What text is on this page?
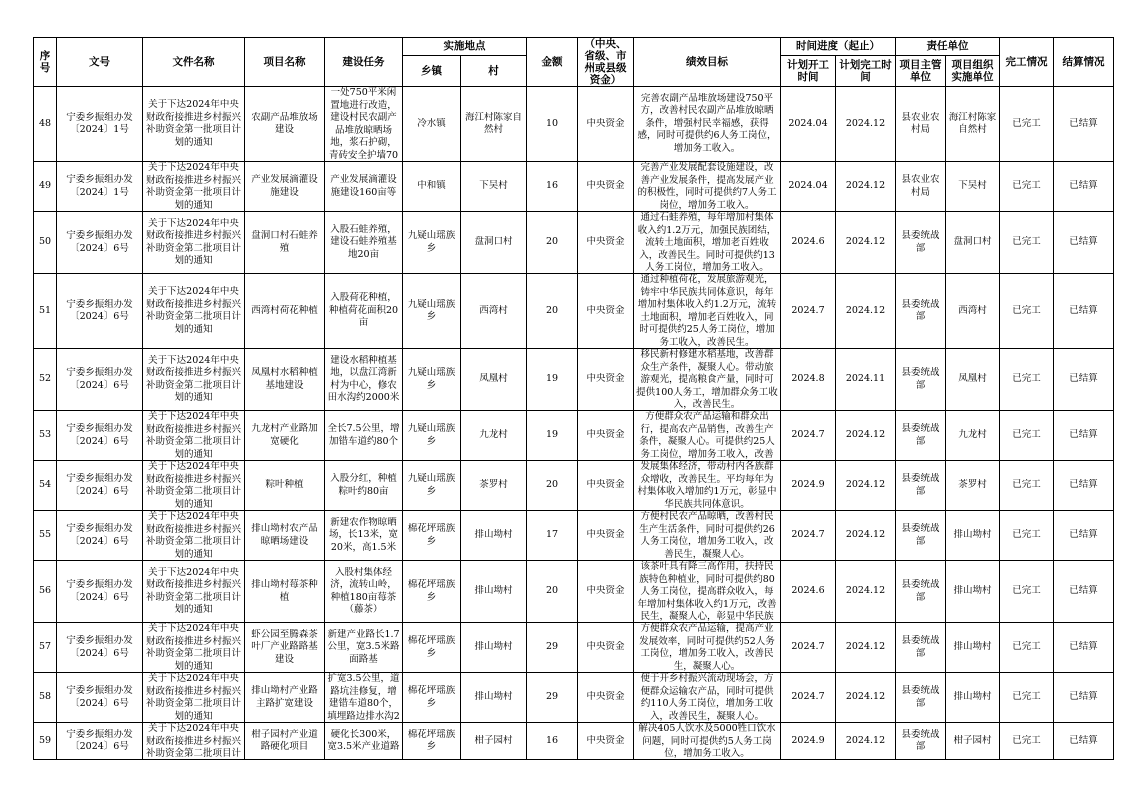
序号	文号	文件名称	项目名称	建设任务	实施地点		金额	（中央、省级、市州或县级资金）	绩效目标	时间进度（起止）		责任单位		完工情况	结算情况
					乡镇	村				计划开工时间	计划完工时间	项目主管单位	项目组织实施单位		

48	宁委乡振组办发〔2024〕1号	关于下达2024年中央财政衔接推进乡村振兴补助资金第一批项目计划的通知	农副产品堆放场建设	一处750平米闲置地进行改造，建设村民农副产品堆放晾晒场地，浆石护砌，青砖安全护墙70	冷水镇	海江村陈家自然村	10	中央资金	完善农副产品堆放场建设750平方，改善村民农副产品堆放晾晒条件，增强村民幸福感，获得感，同时可提供约6人务工岗位，增加务工收入。	2024.04	2024.12	县农业农村局	海江村陈家自然村	已完工	已结算

49	宁委乡振组办发〔2024〕1号	关于下达2024年中央财政衔接推进乡村振兴补助资金第一批项目计划的通知	产业发展滴灌设施建设	产业发展滴灌设施建设160亩等	中和镇	下吴村	16	中央资金	完善产业发展配套设施建设，改善产业发展条件，提高发展产业的积极性，同时可提供约7人务工岗位，增加务工收入。	2024.04	2024.12	县农业农村局	下吴村	已完工	已结算

50	宁委乡振组办发〔2024〕6号	关于下达2024年中央财政衔接推进乡村振兴补助资金第二批项目计划的通知	盘洞口村石蛙养殖	入股石蛙养殖，建设石蛙养殖基地20亩	九疑山瑶族乡	盘洞口村	20	中央资金	通过石蛙养殖，每年增加村集体收入约1.2万元，加强民族团结，流转土地面积，增加老百姓收入，改善民生。同时可提供约13人务工岗位，增加务工收入。	2024.6	2024.12	县委统战部	盘洞口村	已完工	已结算

51	宁委乡振组办发〔2024〕6号	关于下达2024年中央财政衔接推进乡村振兴补助资金第二批项目计划的通知	西湾村荷花种植	入股荷花种植，种植荷花面积20亩	九疑山瑶族乡	西湾村	20	中央资金	通过种植荷花，发展旅游观光，铸牢中华民族共同体意识，每年增加村集体收入约1.2万元，流转土地面积，增加老百姓收入，同时可提供约25人务工岗位，增加务工收入，改善民生。	2024.7	2024.12	县委统战部	西湾村	已完工	已结算

52	宁委乡振组办发〔2024〕6号	关于下达2024年中央财政衔接推进乡村振兴补助资金第二批项目计划的通知	凤凰村水稻种植基地建设	建设水稻种植基地，以盘江湾新村为中心，修农田水沟约2000米	九疑山瑶族乡	凤凰村	19	中央资金	移民新村修建水稻基地，改善群众生产条件，凝聚人心。带动旅游观光，提高粮食产量，同时可提供100人务工，增加群众务工收入，改善民生。	2024.8	2024.11	县委统战部	凤凰村	已完工	已结算

53	宁委乡振组办发〔2024〕6号	关于下达2024年中央财政衔接推进乡村振兴补助资金第二批项目计划的通知	九龙村产业路加宽硬化	全长7.5公里，增加错车道约80个	九疑山瑶族乡	九龙村	19	中央资金	方便群众农产品运输和群众出行，提高农产品销售，改善生产条件，凝聚人心。可提供约25人务工岗位，增加务工收入，改善	2024.7	2024.12	县委统战部	九龙村	已完工	已结算

54	宁委乡振组办发〔2024〕6号	关于下达2024年中央财政衔接推进乡村振兴补助资金第二批项目计划的通知	粽叶种植	入股分红，种植粽叶约80亩	九疑山瑶族乡	茶罗村	20	中央资金	发展集体经济，带动村内各族群众增收，改善民生。平均每年为村集体收入增加约1万元，彰显中华民族共同体意识。	2024.9	2024.12	县委统战部	茶罗村	已完工	已结算

55	宁委乡振组办发〔2024〕6号	关于下达2024年中央财政衔接推进乡村振兴补助资金第二批项目计划的通知	排山坳村农产品晾晒场建设	新建农作物晾晒场，长13米，宽20米，高1.5米	棉花坪瑶族乡	排山坳村	17	中央资金	方便村民农产品晾晒，改善村民生产生活条件，同时可提供约26人务工岗位，增加务工收入，改善民生，凝聚人心。	2024.7	2024.12	县委统战部	排山坳村	已完工	已结算

56	宁委乡振组办发〔2024〕6号	关于下达2024年中央财政衔接推进乡村振兴补助资金第二批项目计划的通知	排山坳村莓茶种植	入股村集体经济，流转山岭，种植180亩莓茶（藤茶）	棉花坪瑶族乡	排山坳村	20	中央资金	该茶叶具有降三高作用，扶持民族特色种植业，同时可提供约80人务工岗位，提高群众收入，每年增加村集体收入约1万元，改善民生，凝聚人心，彰显中华民族	2024.6	2024.12	县委统战部	排山坳村	已完工	已结算

57	宁委乡振组办发〔2024〕6号	关于下达2024年中央财政衔接推进乡村振兴补助资金第二批项目计划的通知	虾公园至腾森茶叶厂产业路路基建设	新建产业路长1.7公里，宽3.5米路面路基	棉花坪瑶族乡	排山坳村	29	中央资金	方便群众农产品运输，提高产业发展效率，同时可提供约52人务工岗位，增加务工收入，改善民生，凝聚人心。	2024.7	2024.12	县委统战部	排山坳村	已完工	已结算

58	宁委乡振组办发〔2024〕6号	关于下达2024年中央财政衔接推进乡村振兴补助资金第二批项目计划的通知	排山坳村产业路主路扩宽建设	扩宽3.5公里，道路坑洼修复，增建错车道80个，填埋路边排水沟2	棉花坪瑶族乡	排山坳村	29	中央资金	便于开乡村振兴流动现场会，方便群众运输农产品，同时可提供约110人务工岗位，增加务工收入，改善民生，凝聚人心。	2024.7	2024.12	县委统战部	排山坳村	已完工	已结算

59	宁委乡振组办发〔2024〕6号	关于下达2024年中央财政衔接推进乡村振兴补助资金第二批项目计	柑子园村产业道路硬化项目	硬化长300米，宽3.5米产业道路	棉花坪瑶族乡	柑子园村	16	中央资金	解决405人饮水及5000牲口饮水问题，同时可提供约5人务工岗位，增加务工收入。	2024.9	2024.12	县委统战部	柑子园村	已完工	已结算
